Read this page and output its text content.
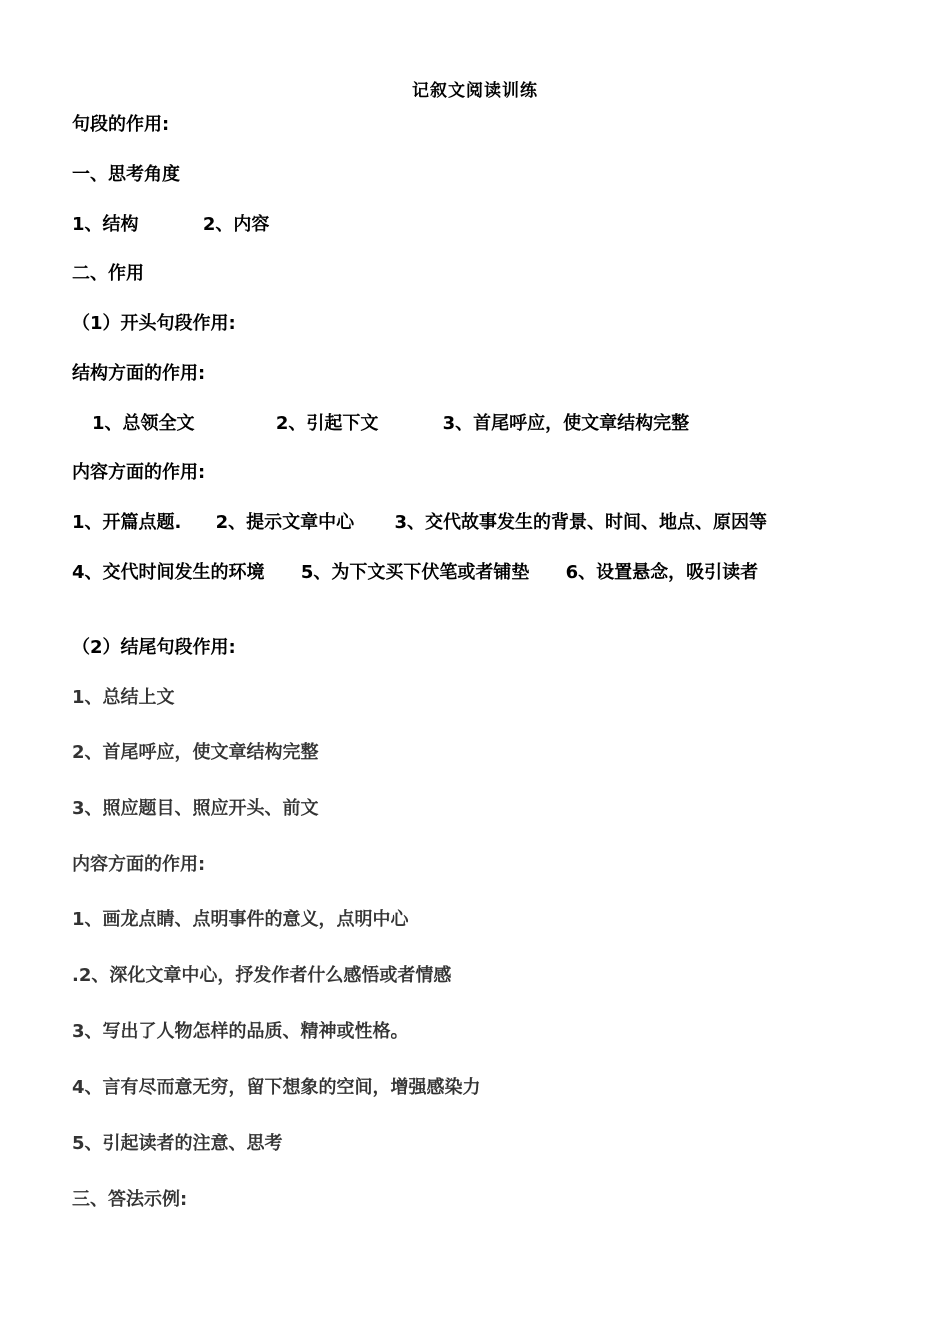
记叙文阅读训练
句段的作用:
一、思考角度
1、结构	2、内容
二、作用
（1）开头句段作用:
结构方面的作用:
1、总领全文	2、引起下文	3、首尾呼应，使文章结构完整
内容方面的作用:
1、开篇点题. 2、提示文章中心 3、交代故事发生的背景、时间、地点、原因等
4、交代时间发生的环境 5、为下文买下伏笔或者铺垫 6、设置悬念，吸引读者
（2）结尾句段作用:
1、总结上文
2、首尾呼应，使文章结构完整
3、照应题目、照应开头、前文
内容方面的作用:
1、画龙点睛、点明事件的意义，点明中心
.2、深化文章中心，抒发作者什么感悟或者情感
3、写出了人物怎样的品质、精神或性格。
4、言有尽而意无穷，留下想象的空间，增强感染力
5、引起读者的注意、思考
三、答法示例:
